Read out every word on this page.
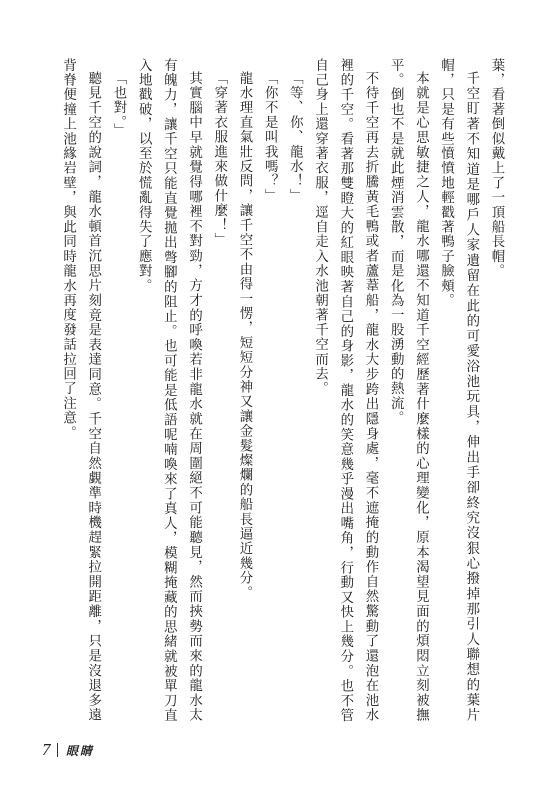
葉，看著倒似戴上了一頂船長帽。

千空盯著不知道是哪戶人家遺留在此的可愛浴池玩具，伸出手卻終究沒狠心撥掉那引人聯想的葉片帽，只是有些憤憤地輕戳著鴨子臉頰。

本就是心思敏捷之人，龍水哪還不知道千空經歷著什麼樣的心理變化，原本渴望見面的煩悶立刻被撫平。倒也不是就此煙消雲散，而是化為一股湧動的熱流。

不待千空再去折騰黃毛鴨或者蘆葦船，龍水大步跨出隱身處，毫不遮掩的動作自然驚動了還泡在池水裡的千空。看著那雙瞪大的紅眼映著自己的身影，龍水的笑意幾乎漫出嘴角，行動又快上幾分。也不管自己身上還穿著衣服，逕自走入水池朝著千空而去。

「等、你、龍水！」

「你不是叫我嗎？」

龍水理直氣壯反問，讓千空不由得一愣，短短分神又讓金髮燦爛的船長逼近幾分。

「穿著衣服進來做什麼！」

其實腦中早就覺得哪裡不對勁，方才的呼喚若非龍水就在周圍絕不可能聽見，然而挾勢而來的龍水太有魄力，讓千空只能直覺拋出彆腳的阻止。也可能是低語呢喃喚來了真人，模糊掩藏的思緒就被單刀直入地戳破，以至於慌亂得失了應對。

「也對。」

聽見千空的說詞，龍水頓首沉思片刻竟是表達同意。千空自然覷準時機趕緊拉開距離，只是沒退多遠背脊便撞上池緣岩壁，與此同時龍水再度發話拉回了注意。

7 眼睛
